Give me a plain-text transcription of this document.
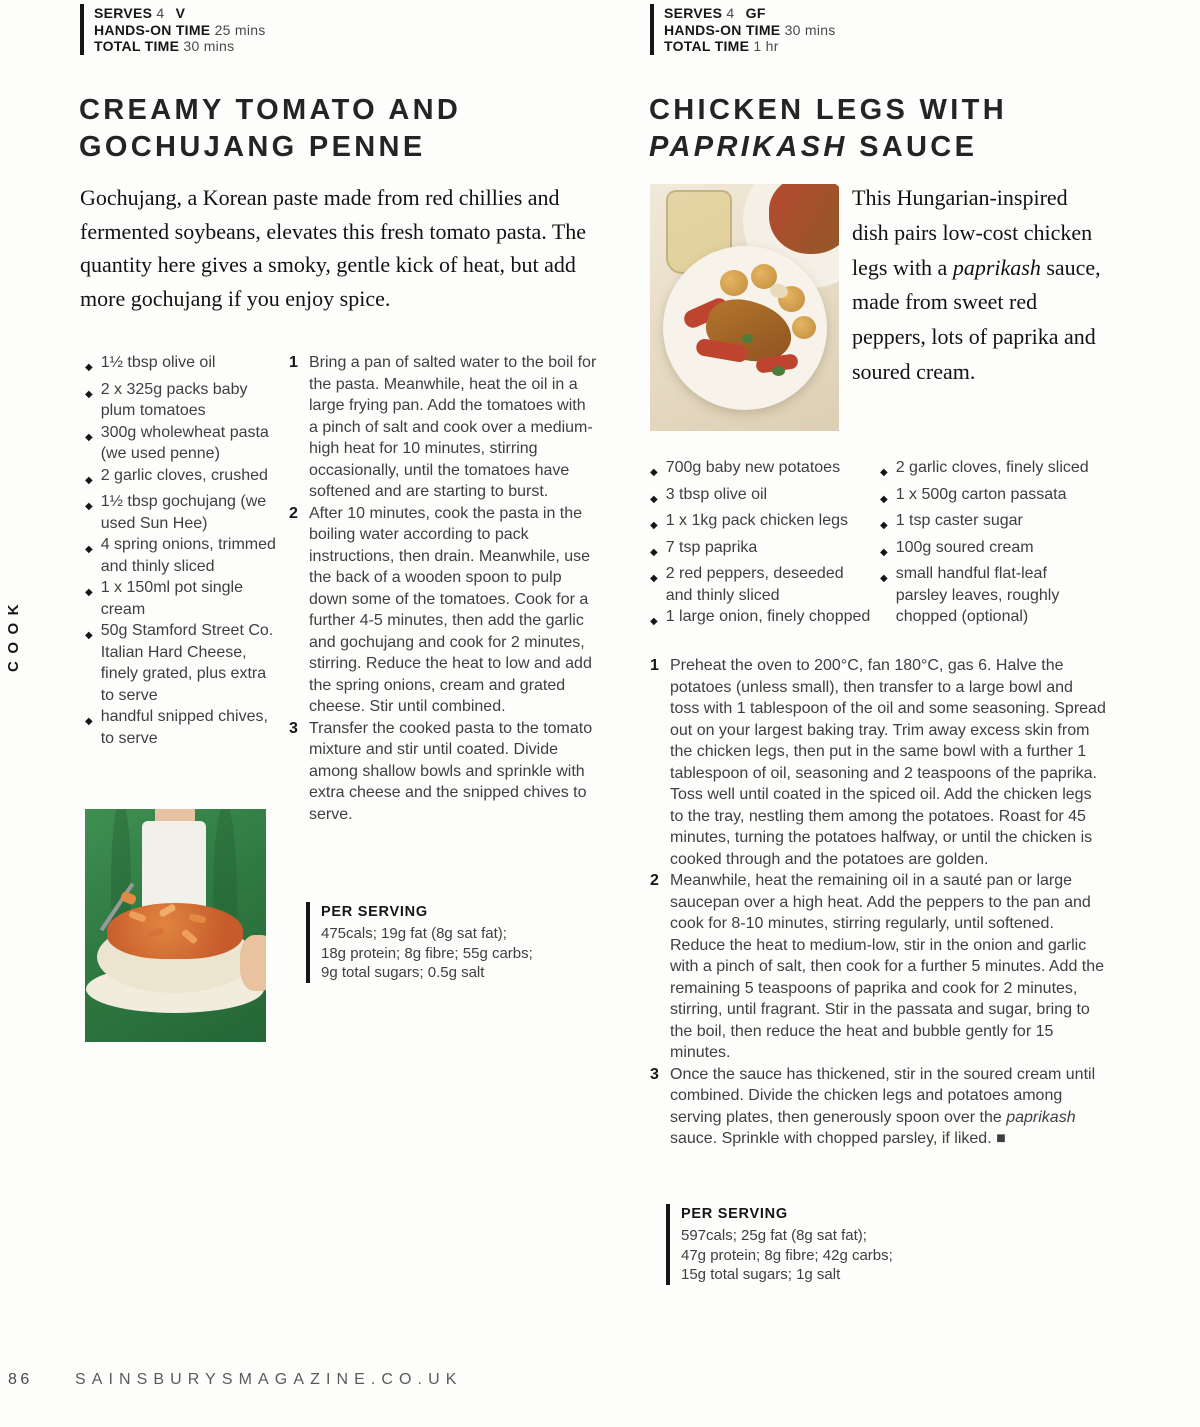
COOK
SERVES 4 V
HANDS-ON TIME 25 mins
TOTAL TIME 30 mins
CREAMY TOMATO AND
GOCHUJANG PENNE

Gochujang, a Korean paste made from red chillies and fermented soybeans, elevates this fresh tomato pasta. The quantity here gives a smoky, gentle kick of heat, but add more gochujang if you enjoy spice.

◆ 1½ tbsp olive oil
◆ 2 x 325g packs baby plum tomatoes
◆ 300g wholewheat pasta (we used penne)
◆ 2 garlic cloves, crushed
◆ 1½ tbsp gochujang (we used Sun Hee)
◆ 4 spring onions, trimmed and thinly sliced
◆ 1 x 150ml pot single cream
◆ 50g Stamford Street Co. Italian Hard Cheese, finely grated, plus extra to serve
◆ handful snipped chives, to serve
1 Bring a pan of salted water to the boil for the pasta. Meanwhile, heat the oil in a large frying pan. Add the tomatoes with a pinch of salt and cook over a medium-high heat for 10 minutes, stirring occasionally, until the tomatoes have softened and are starting to burst.
2 After 10 minutes, cook the pasta in the boiling water according to pack instructions, then drain. Meanwhile, use the back of a wooden spoon to pulp down some of the tomatoes. Cook for a further 4-5 minutes, then add the garlic and gochujang and cook for 2 minutes, stirring. Reduce the heat to low and add the spring onions, cream and grated cheese. Stir until combined.
3 Transfer the cooked pasta to the tomato mixture and stir until coated. Divide among shallow bowls and sprinkle with extra cheese and the snipped chives to serve.
PER SERVING
475cals; 19g fat (8g sat fat);
18g protein; 8g fibre; 55g carbs;
9g total sugars; 0.5g salt
SERVES 4 GF
HANDS-ON TIME 30 mins
TOTAL TIME 1 hr
CHICKEN LEGS WITH
PAPRIKASH SAUCE

This Hungarian-inspired dish pairs low-cost chicken legs with a paprikash sauce, made from sweet red peppers, lots of paprika and soured cream.

◆ 700g baby new potatoes
◆ 3 tbsp olive oil
◆ 1 x 1kg pack chicken legs
◆ 7 tsp paprika
◆ 2 red peppers, deseeded and thinly sliced
◆ 1 large onion, finely chopped
◆ 2 garlic cloves, finely sliced
◆ 1 x 500g carton passata
◆ 1 tsp caster sugar
◆ 100g soured cream
◆ small handful flat-leaf parsley leaves, roughly chopped (optional)
1 Preheat the oven to 200°C, fan 180°C, gas 6. Halve the potatoes (unless small), then transfer to a large bowl and toss with 1 tablespoon of the oil and some seasoning. Spread out on your largest baking tray. Trim away excess skin from the chicken legs, then put in the same bowl with a further 1 tablespoon of oil, seasoning and 2 teaspoons of the paprika. Toss well until coated in the spiced oil. Add the chicken legs to the tray, nestling them among the potatoes. Roast for 45 minutes, turning the potatoes halfway, or until the chicken is cooked through and the potatoes are golden.
2 Meanwhile, heat the remaining oil in a sauté pan or large saucepan over a high heat. Add the peppers to the pan and cook for 8-10 minutes, stirring regularly, until softened. Reduce the heat to medium-low, stir in the onion and garlic with a pinch of salt, then cook for a further 5 minutes. Add the remaining 5 teaspoons of paprika and cook for 2 minutes, stirring, until fragrant. Stir in the passata and sugar, bring to the boil, then reduce the heat and bubble gently for 15 minutes.
3 Once the sauce has thickened, stir in the soured cream until combined. Divide the chicken legs and potatoes among serving plates, then generously spoon over the paprikash sauce. Sprinkle with chopped parsley, if liked. ■
PER SERVING
597cals; 25g fat (8g sat fat);
47g protein; 8g fibre; 42g carbs;
15g total sugars; 1g salt
86	SAINSBURYSMAGAZINE.CO.UK
